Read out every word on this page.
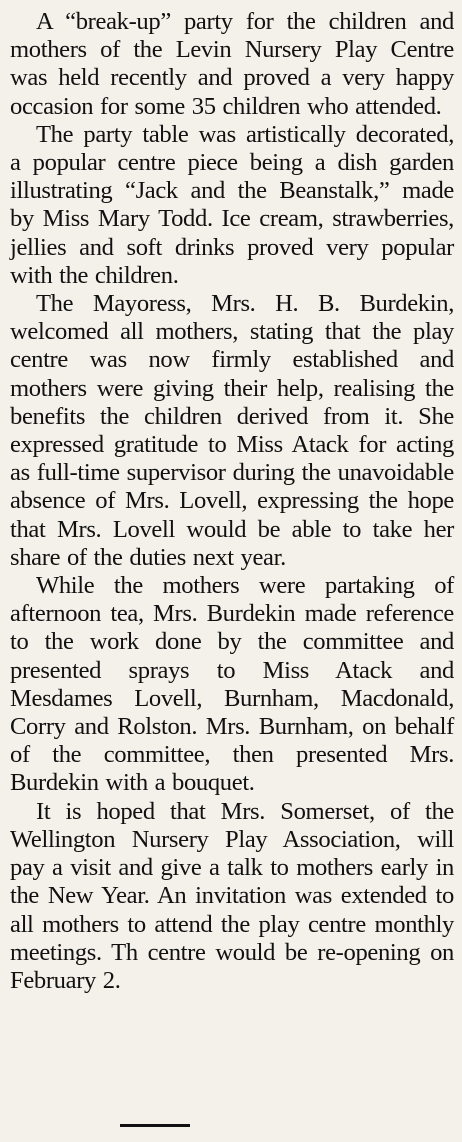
A “break-up” party for the children and mothers of the Levin Nursery Play Centre was held recently and proved a very happy occasion for some 35 children who attended.

The party table was artistically decorated, a popular centre piece being a dish garden illustrating “Jack and the Beanstalk,” made by Miss Mary Todd. Ice cream, strawberries, jellies and soft drinks proved very popular with the children.

The Mayoress, Mrs. H. B. Burdekin, welcomed all mothers, stating that the play centre was now firmly established and mothers were giving their help, realising the benefits the children derived from it. She expressed gratitude to Miss Atack for acting as full-time supervisor during the unavoidable absence of Mrs. Lovell, expressing the hope that Mrs. Lovell would be able to take her share of the duties next year.

While the mothers were partaking of afternoon tea, Mrs. Burdekin made reference to the work done by the committee and presented sprays to Miss Atack and Mesdames Lovell, Burnham, Macdonald, Corry and Rolston. Mrs. Burnham, on behalf of the committee, then presented Mrs. Burdekin with a bouquet.

It is hoped that Mrs. Somerset, of the Wellington Nursery Play Association, will pay a visit and give a talk to mothers early in the New Year. An invitation was extended to all mothers to attend the play centre monthly meetings. Th centre would be re-opening on February 2.
